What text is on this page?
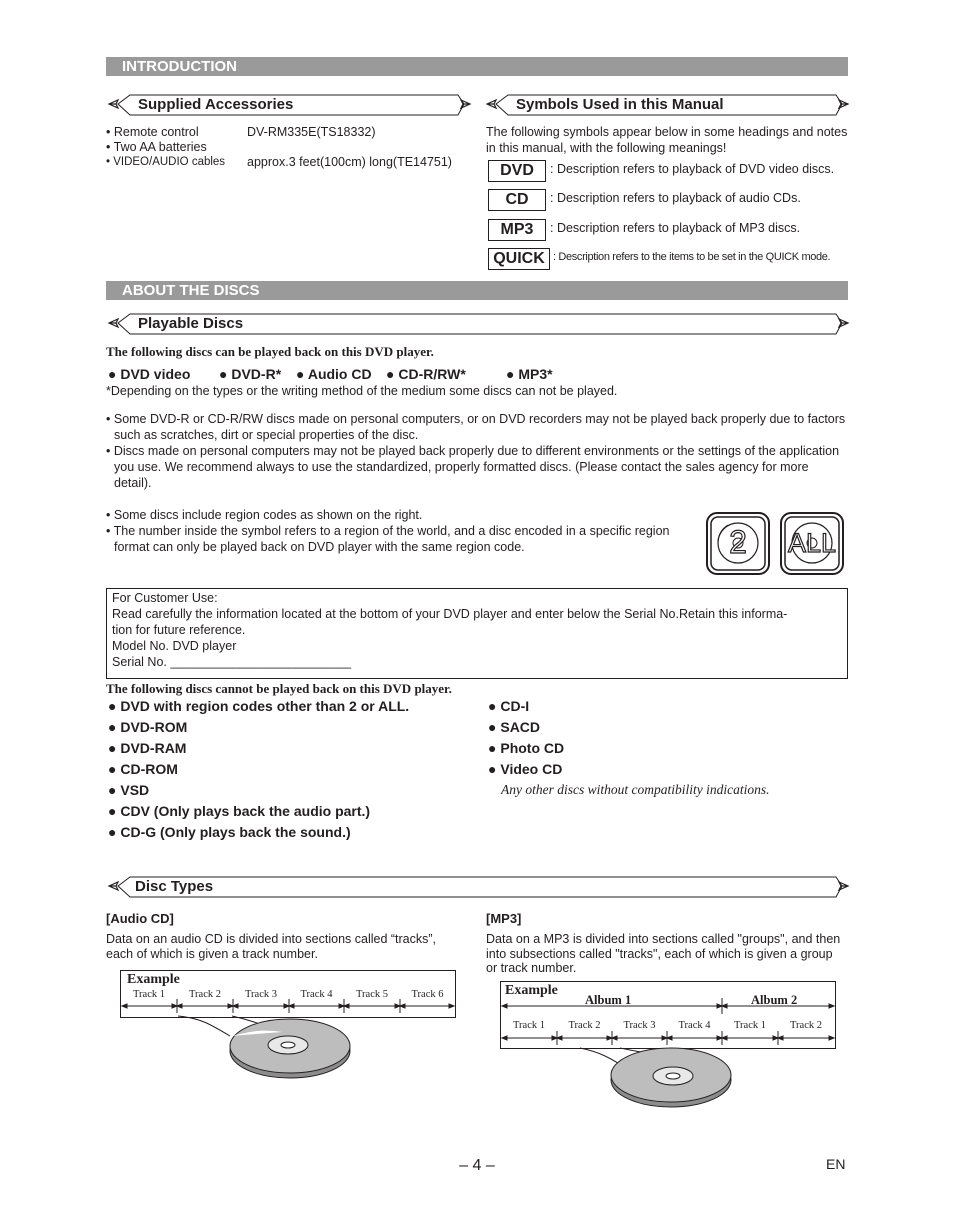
INTRODUCTION
Supplied Accessories
• Remote control	DV-RM335E(TS18332)
• Two AA batteries
• VIDEO/AUDIO cables approx.3 feet(100cm) long(TE14751)
Symbols Used in this Manual
The following symbols appear below in some headings and notes in this manual, with the following meanings!
DVD	: Description refers to playback of DVD video discs.
CD	: Description refers to playback of audio CDs.
MP3	: Description refers to playback of MP3 discs.
QUICK : Description refers to the items to be set in the QUICK mode.
ABOUT THE DISCS
Playable Discs
The following discs can be played back on this DVD player.
● DVD video ● DVD-R* ● Audio CD ● CD-R/RW*	● MP3*
*Depending on the types or the writing method of the medium some discs can not be played.
• Some DVD-R or CD-R/RW discs made on personal computers, or on DVD recorders may not be played back properly due to factors such as scratches, dirt or special properties of the disc.
• Discs made on personal computers may not be played back properly due to different environments or the settings of the application you use. We recommend always to use the standardized, properly formatted discs. (Please contact the sales agency for more detail).
• Some discs include region codes as shown on the right.
• The number inside the symbol refers to a region of the world, and a disc encoded in a specific region format can only be played back on DVD player with the same region code.	2	ALL
For Customer Use:
Read carefully the information located at the bottom of your DVD player and enter below the Serial No.Retain this informa-
tion for future reference.
Model No. DVD player
Serial No. __________________________
The following discs cannot be played back on this DVD player.
● DVD with region codes other than 2 or ALL.
● DVD-ROM
● DVD-RAM
● CD-ROM
● VSD
● CDV (Only plays back the audio part.)
● CD-G (Only plays back the sound.)
● CD-I
● SACD
● Photo CD
● Video CD
Any other discs without compatibility indications.
Disc Types
[Audio CD]
Data on an audio CD is divided into sections called “tracks”, each of which is given a track number.
Example
Track 1	Track 2	Track 3	Track 4	Track 5	Track 6
[MP3]
Data on a MP3 is divided into sections called "groups", and then into subsections called "tracks", each of which is given a group or track number.
Example
Album 1	Album 2
Track 1	Track 2	Track 3	Track 4	Track 1	Track 2
– 4 –	EN
